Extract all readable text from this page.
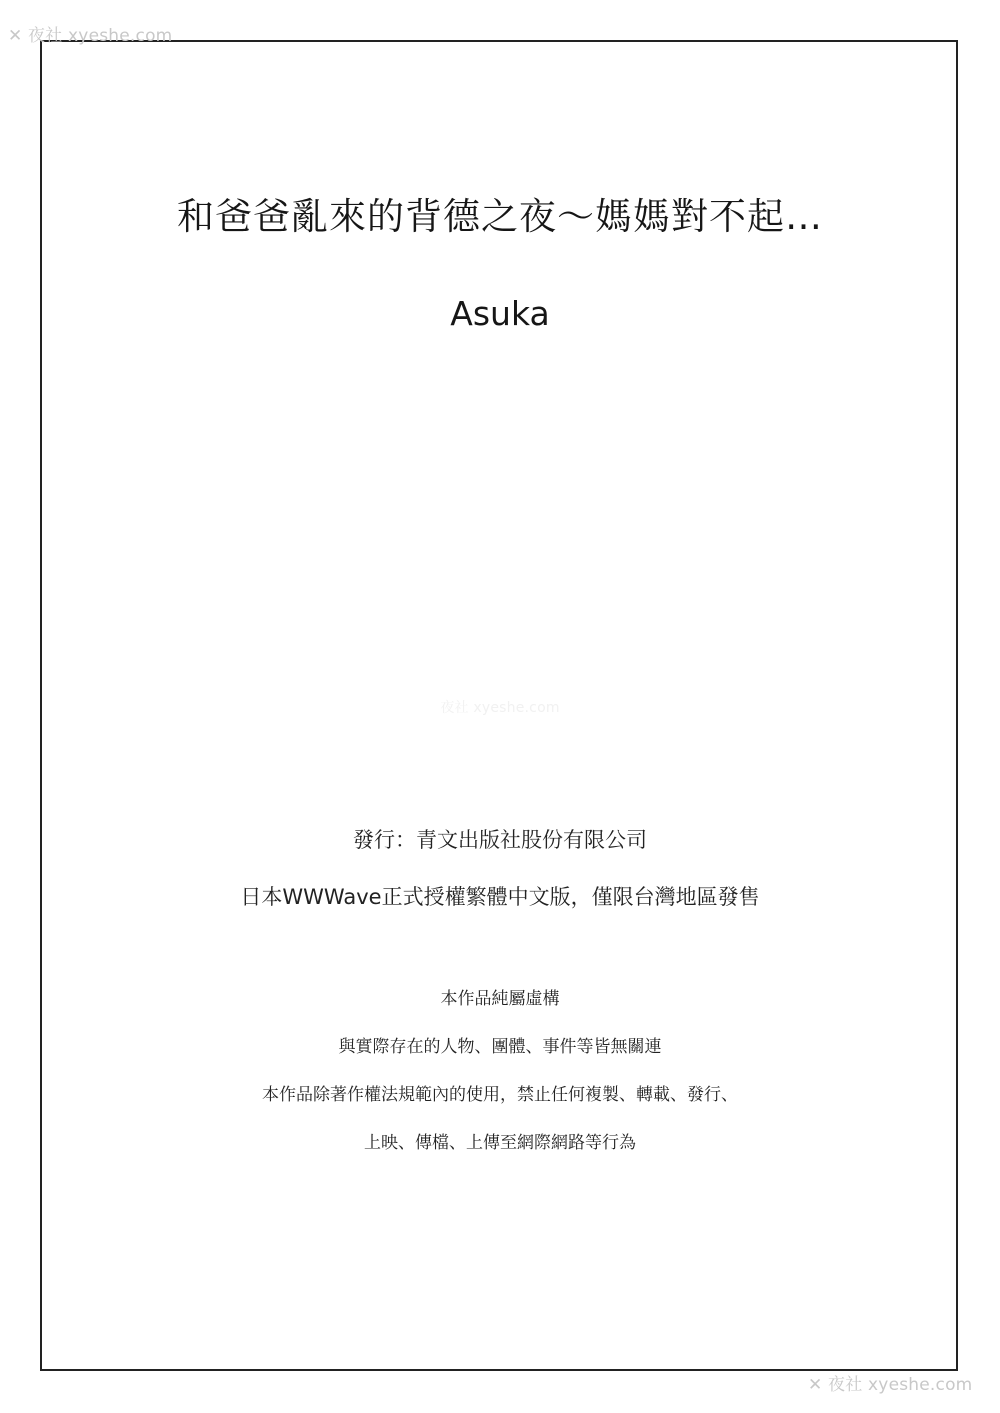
✕ 夜社 xyeshe.com
夜社 xyeshe.com
✕ 夜社 xyeshe.com
和爸爸亂來的背德之夜～媽媽對不起…
Asuka
發行：青文出版社股份有限公司
日本WWWave正式授權繁體中文版，僅限台灣地區發售
本作品純屬虛構
與實際存在的人物、團體、事件等皆無關連
本作品除著作權法規範內的使用，禁止任何複製、轉載、發行、
上映、傳檔、上傳至網際網路等行為
